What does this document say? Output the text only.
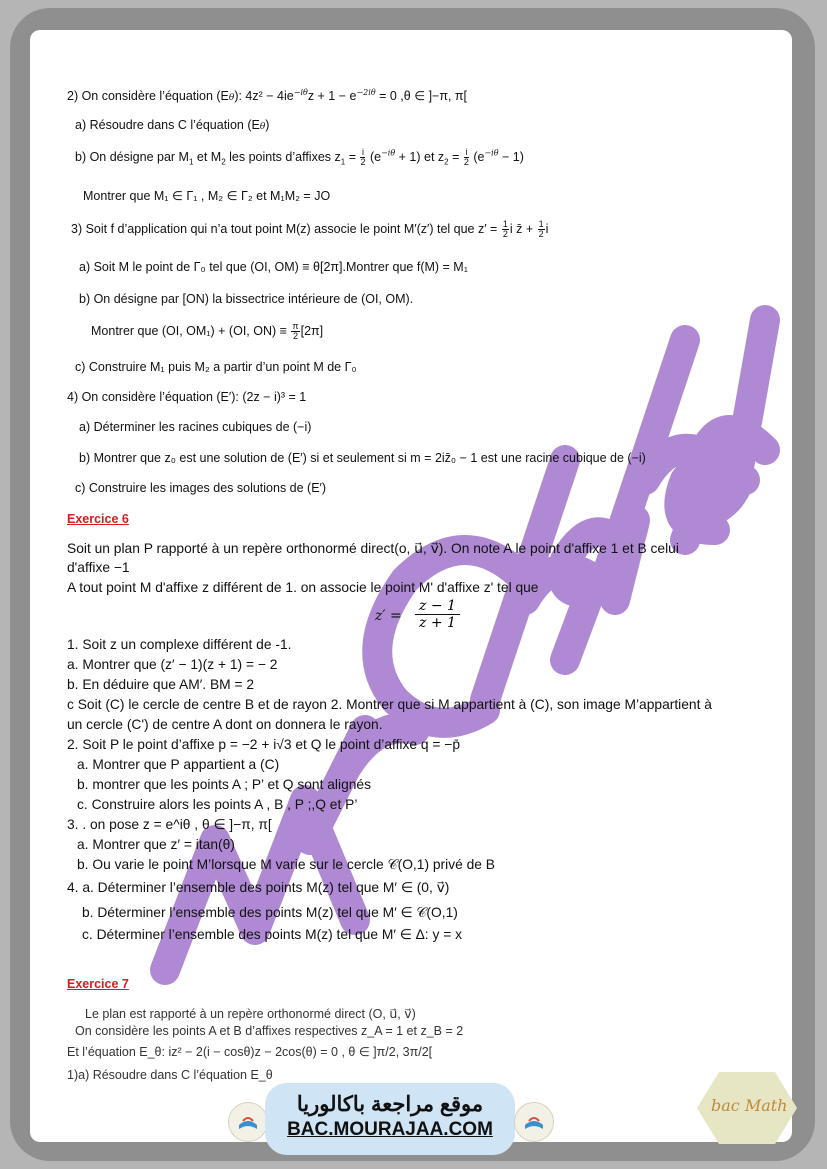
2) On considère l’équation (Eθ): $4z^2 - 4ie^{-i\theta}z + 1 - e^{-2i\theta} = 0$ ,θ ∈ ]−π, π[
a) Résoudre dans C l’équation (Eθ)
b) On désigne par $M_1$ et $M_2$ les points d’affixes $z_1 = \frac{i}{2} (e^{-i\theta} + 1)$ et $z_2 = \frac{i}{2} (e^{-i\theta} - 1)$
Montrer que M₁ ∈ Γ₁ , M₂ ∈ Γ₂ et M₁M₂ = JO
3) Soit f d’application qui n’a tout point M(z) associe le point M′(z′) tel que $z' = \frac{1}{2}$ i z̄ + $\frac{1}{2}$ i
a) Soit M le point de Γ₀ tel que (OI, OM) ≡ θ[2π].Montrer que f(M) = M₁
b) On désigne par [ON) la bissectrice intérieure de (OI, OM).
Montrer que (OI, OM₁) + (OI, $ON) \equiv \frac{\pi}{2} [2\pi]$
c) Construire M₁ puis M₂ a partir d’un point M de Γ₀
4) On considère l’équation (E′): (2z − i)³ = 1
a) Déterminer les racines cubiques de (−i)
b) Montrer que z₀ est une solution de (E′) si et seulement si m = 2iz̄₀ − 1 est une racine cubique de (−i)
c) Construire les images des solutions de (E′)
Exercice 6
Soit un plan P rapporté à un repère orthonormé direct(o, u⃗, v⃗). On note A le point d'affixe 1 et B celui
d'affixe −1
A tout point M d'affixe z différent de 1. on associe le point M' d'affixe z' tel que
z′ =
z − 1
z + 1
1. Soit z un complexe différent de -1.
a. Montrer que (z′ − 1)(z + 1) = − 2
b. En déduire que AM′. BM = 2
c Soit (C) le cercle de centre B et de rayon 2. Montrer que si M appartient à (C), son image M’appartient à
un cercle (C') de centre A dont on donnera le rayon.
2. Soit P le point d’affixe p = −2 + i√3 et Q le point d’affixe q = −p̄
a. Montrer que P appartient a (C)
b. montrer que les points A ; P’ et Q sont alignés
c. Construire alors les points A , B , P ;,Q et P’
3. . on pose z = e^iθ , θ ∈ ]−π, π[
a. Montrer que z′ = itan(θ)
b. Ou varie le point M’lorsque M varie sur le cercle 𝒞(O,1) privé de B
4. a. Déterminer l’ensemble des points M(z) tel que M′ ∈ (0, v⃗)
b. Déterminer l’ensemble des points M(z) tel que M′ ∈ 𝒞(O,1)
c. Déterminer l’ensemble des points M(z) tel que M′ ∈ Δ: y = x
Exercice 7
Le plan est rapporté à un repère orthonormé direct (O, u⃗, v⃗)
On considère les points A et B d’affixes respectives z_A = 1 et z_B = 2
Et l’équation E_θ: iz² − 2(i − cosθ)z − 2cos(θ) = 0 , θ ∈ ]π/2, 3π/2[
1)a) Résoudre dans C l’équation E_θ
موقع مراجعة باكالوريا
BAC.MOURAJAA.COM
bac Math
